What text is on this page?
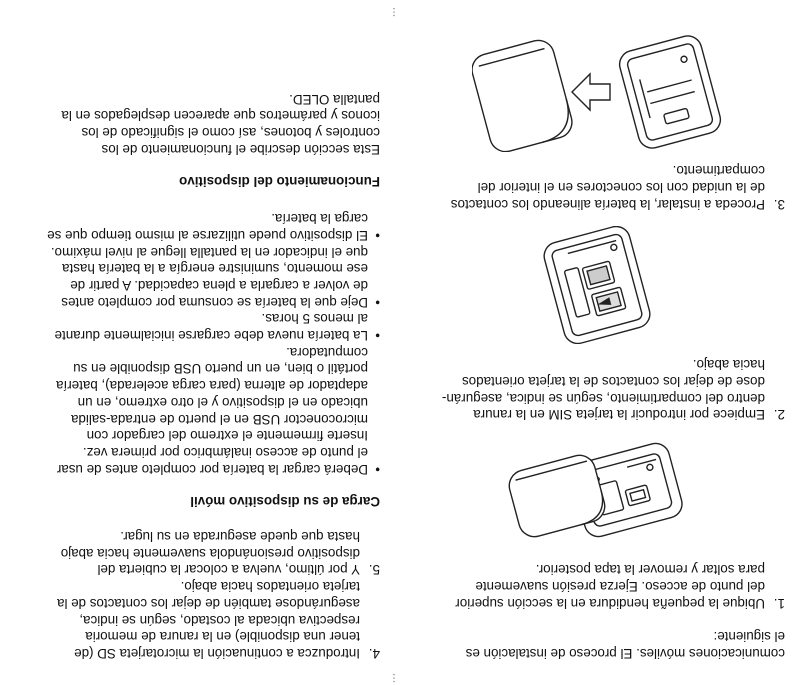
⋮
⋮

comunicaciones móviles. El proceso de instalación es
el siguiente:

1.

Ubique la pequeña hendidura en la sección superior
del punto de acceso. Ejerza presión suavemente
para soltar y remover la tapa posterior.

2.

Empiece por introducir la tarjeta SIM en la ranura
dentro del compartimiento, según se indica, asegurán-
dose de dejar los contactos de la tarjeta orientados
hacia abajo.

3.

Proceda a instalar, la batería alineando los contactos
de la unidad con los conectores en el interior del
compartimento.

4.

Introduzca a continuación la microtarjeta SD (de
tener una disponible) en la ranura de memoria
respectiva ubicada al costado, según se indica,
asegurándose también de dejar los contactos de la
tarjeta orientados hacia abajo.

5.

Y por último, vuelva a colocar la cubierta del
dispositivo presionándola suavemente hacia abajo
hasta que quede asegurada en su lugar.

Carga de su dispositivo móvil
•
Deberá cargar la batería por completo antes de usar
el punto de acceso inalámbrico por primera vez.
Inserte firmemente el extremo del cargador con
microconector USB en el puerto de entrada-salida
ubicado en el dispositivo y el otro extremo, en un
adaptador de alterna (para carga acelerada), batería
portátil o bien, en un puerto USB disponible en su
computadora.
•
La batería nueva debe cargarse inicialmente durante
al menos 5 horas.
•
Deje que la batería se consuma por completo antes
de volver a cargarla a plena capacidad. A partir de
ese momento, suministre energía a la batería hasta
que el indicador en la pantalla llegue al nivel máximo.
•
El dispositivo puede utilizarse al mismo tiempo que se
carga la batería.
Funcionamiento del dispositivo

Esta sección describe el funcionamiento de los
controles y botones, así como el significado de los
iconos y parámetros que aparecen desplegados en la
pantalla OLED.
